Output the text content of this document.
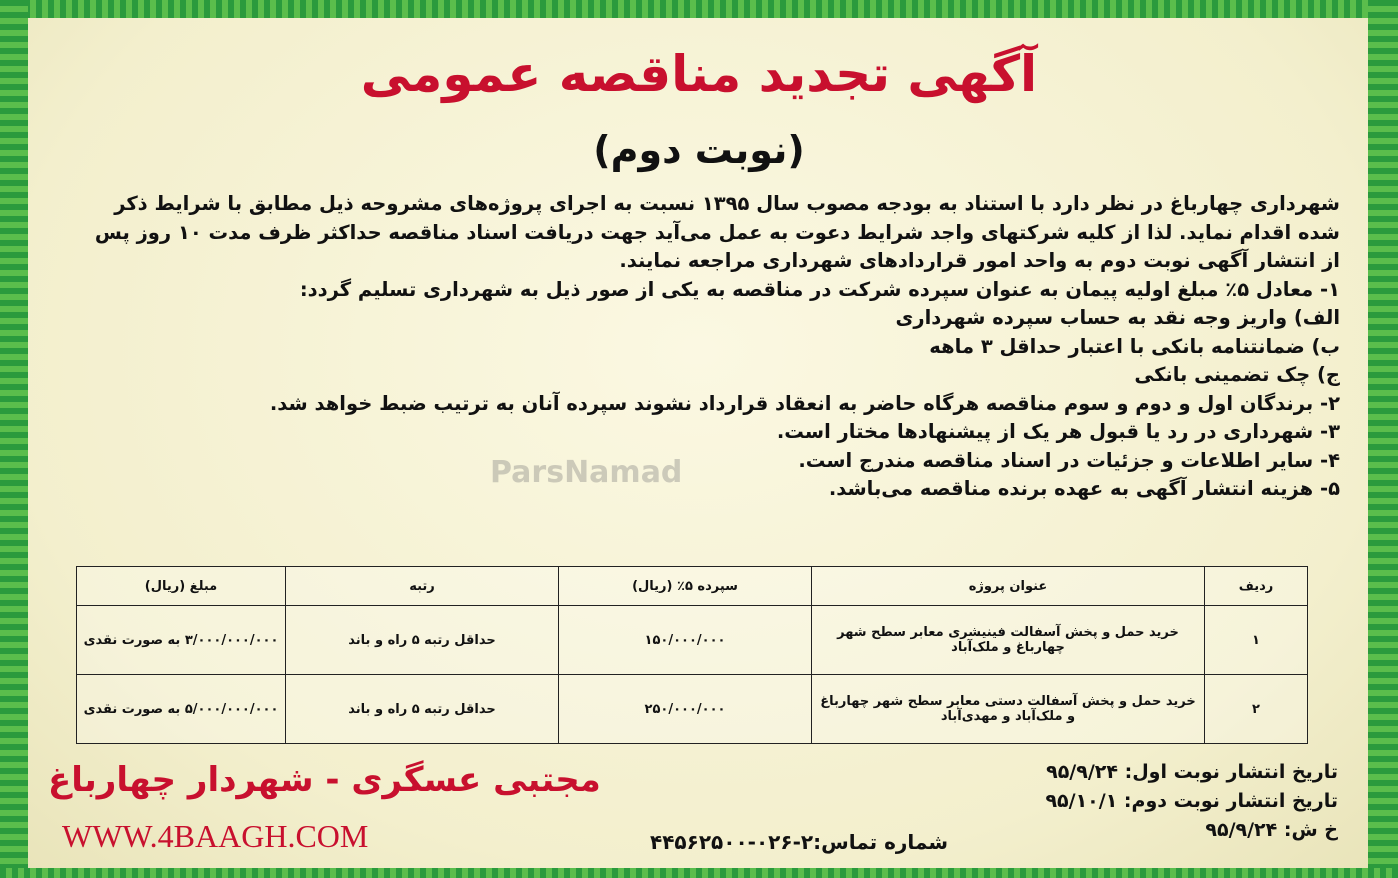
آگهی تجدید مناقصه عمومی
(نوبت دوم)

شهرداری چهارباغ در نظر دارد با استناد به بودجه مصوب سال ۱۳۹۵ نسبت به اجرای پروژه‌های مشروحه ذیل مطابق با شرایط ذکر

شده اقدام نماید. لذا از کلیه شرکتهای واجد شرایط دعوت به عمل می‌آید جهت دریافت اسناد مناقصه حداکثر ظرف مدت ۱۰ روز پس

از انتشار آگهی نوبت دوم به واحد امور قراردادهای شهرداری مراجعه نمایند.

۱- معادل ۵٪ مبلغ اولیه پیمان به عنوان سپرده شرکت در مناقصه به یکی از صور ذیل به شهرداری تسلیم گردد:

الف) واریز وجه نقد به حساب سپرده شهرداری

ب) ضمانتنامه بانکی با اعتبار حداقل ۳ ماهه

ج) چک تضمینی بانکی

۲- برندگان اول و دوم و سوم مناقصه هرگاه حاضر به انعقاد قرارداد نشوند سپرده آنان به ترتیب ضبط خواهد شد.

۳- شهرداری در رد یا قبول هر یک از پیشنهادها مختار است.

۴- سایر اطلاعات و جزئیات در اسناد مناقصه مندرج است.

۵- هزینه انتشار آگهی به عهده برنده مناقصه می‌باشد.

ParsNamad
ردیف	عنوان پروژه	سپرده ۵٪ (ریال)	رتبه	مبلغ (ریال)
۱	خرید حمل و پخش آسفالت فینیشری معابر سطح شهر چهارباغ و ملک‌آباد	۱۵۰/۰۰۰/۰۰۰	حداقل رتبه ۵ راه و باند	۳/۰۰۰/۰۰۰/۰۰۰ به صورت نقدی
۲	خرید حمل و پخش آسفالت دستی معابر سطح شهر چهارباغ و ملک‌آباد و مهدی‌آباد	۲۵۰/۰۰۰/۰۰۰	حداقل رتبه ۵ راه و باند	۵/۰۰۰/۰۰۰/۰۰۰ به صورت نقدی
تاریخ انتشار نوبت اول: ۹۵/۹/۲۴
تاریخ انتشار نوبت دوم: ۹۵/۱۰/۱
خ ش: ۹۵/۹/۲۴
مجتبی عسگری - شهردار چهارباغ
WWW.4BAAGH.COM	شماره تماس:۲-۰۲۶-۴۴۵۶۲۵۰۰
